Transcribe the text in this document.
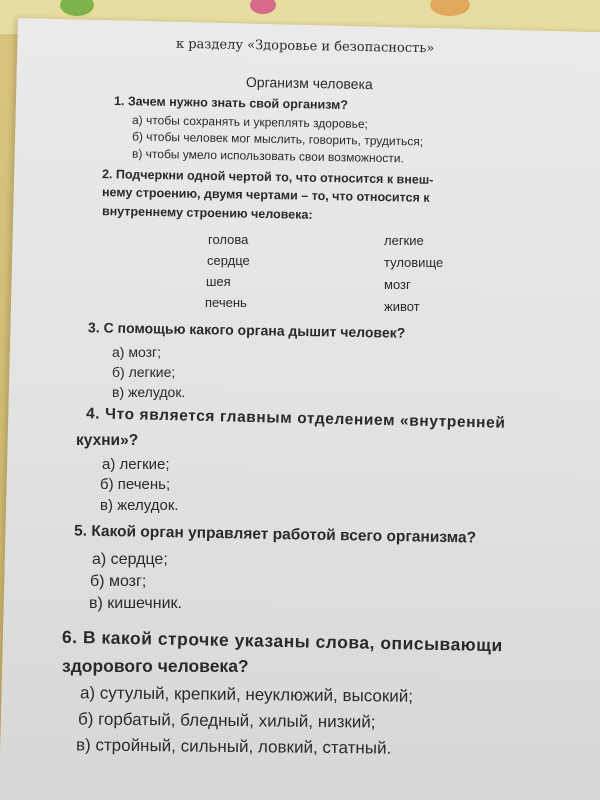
к разделу «Здоровье и безопасность»
Организм человека
1. Зачем нужно знать свой организм?
а) чтобы сохранять и укреплять здоровье;
б) чтобы человек мог мыслить, говорить, трудиться;
в) чтобы умело использовать свои возможности.
2. Подчеркни одной чертой то, что относится к внеш-
нему строению, двумя чертами – то, что относится к
внутреннему строению человека:
голова
сердце
шея
печень
легкие
туловище
мозг
живот
3. С помощью какого органа дышит человек?
а) мозг;
б) легкие;
в) желудок.
4. Что является главным отделением «внутренней
кухни»?
а) легкие;
б) печень;
в) желудок.
5. Какой орган управляет работой всего организма?
а) сердце;
б) мозг;
в) кишечник.
6. В какой строчке указаны слова, описывающи
здорового человека?
а) сутулый, крепкий, неуклюжий, высокий;
б) горбатый, бледный, хилый, низкий;
в) стройный, сильный, ловкий, статный.
